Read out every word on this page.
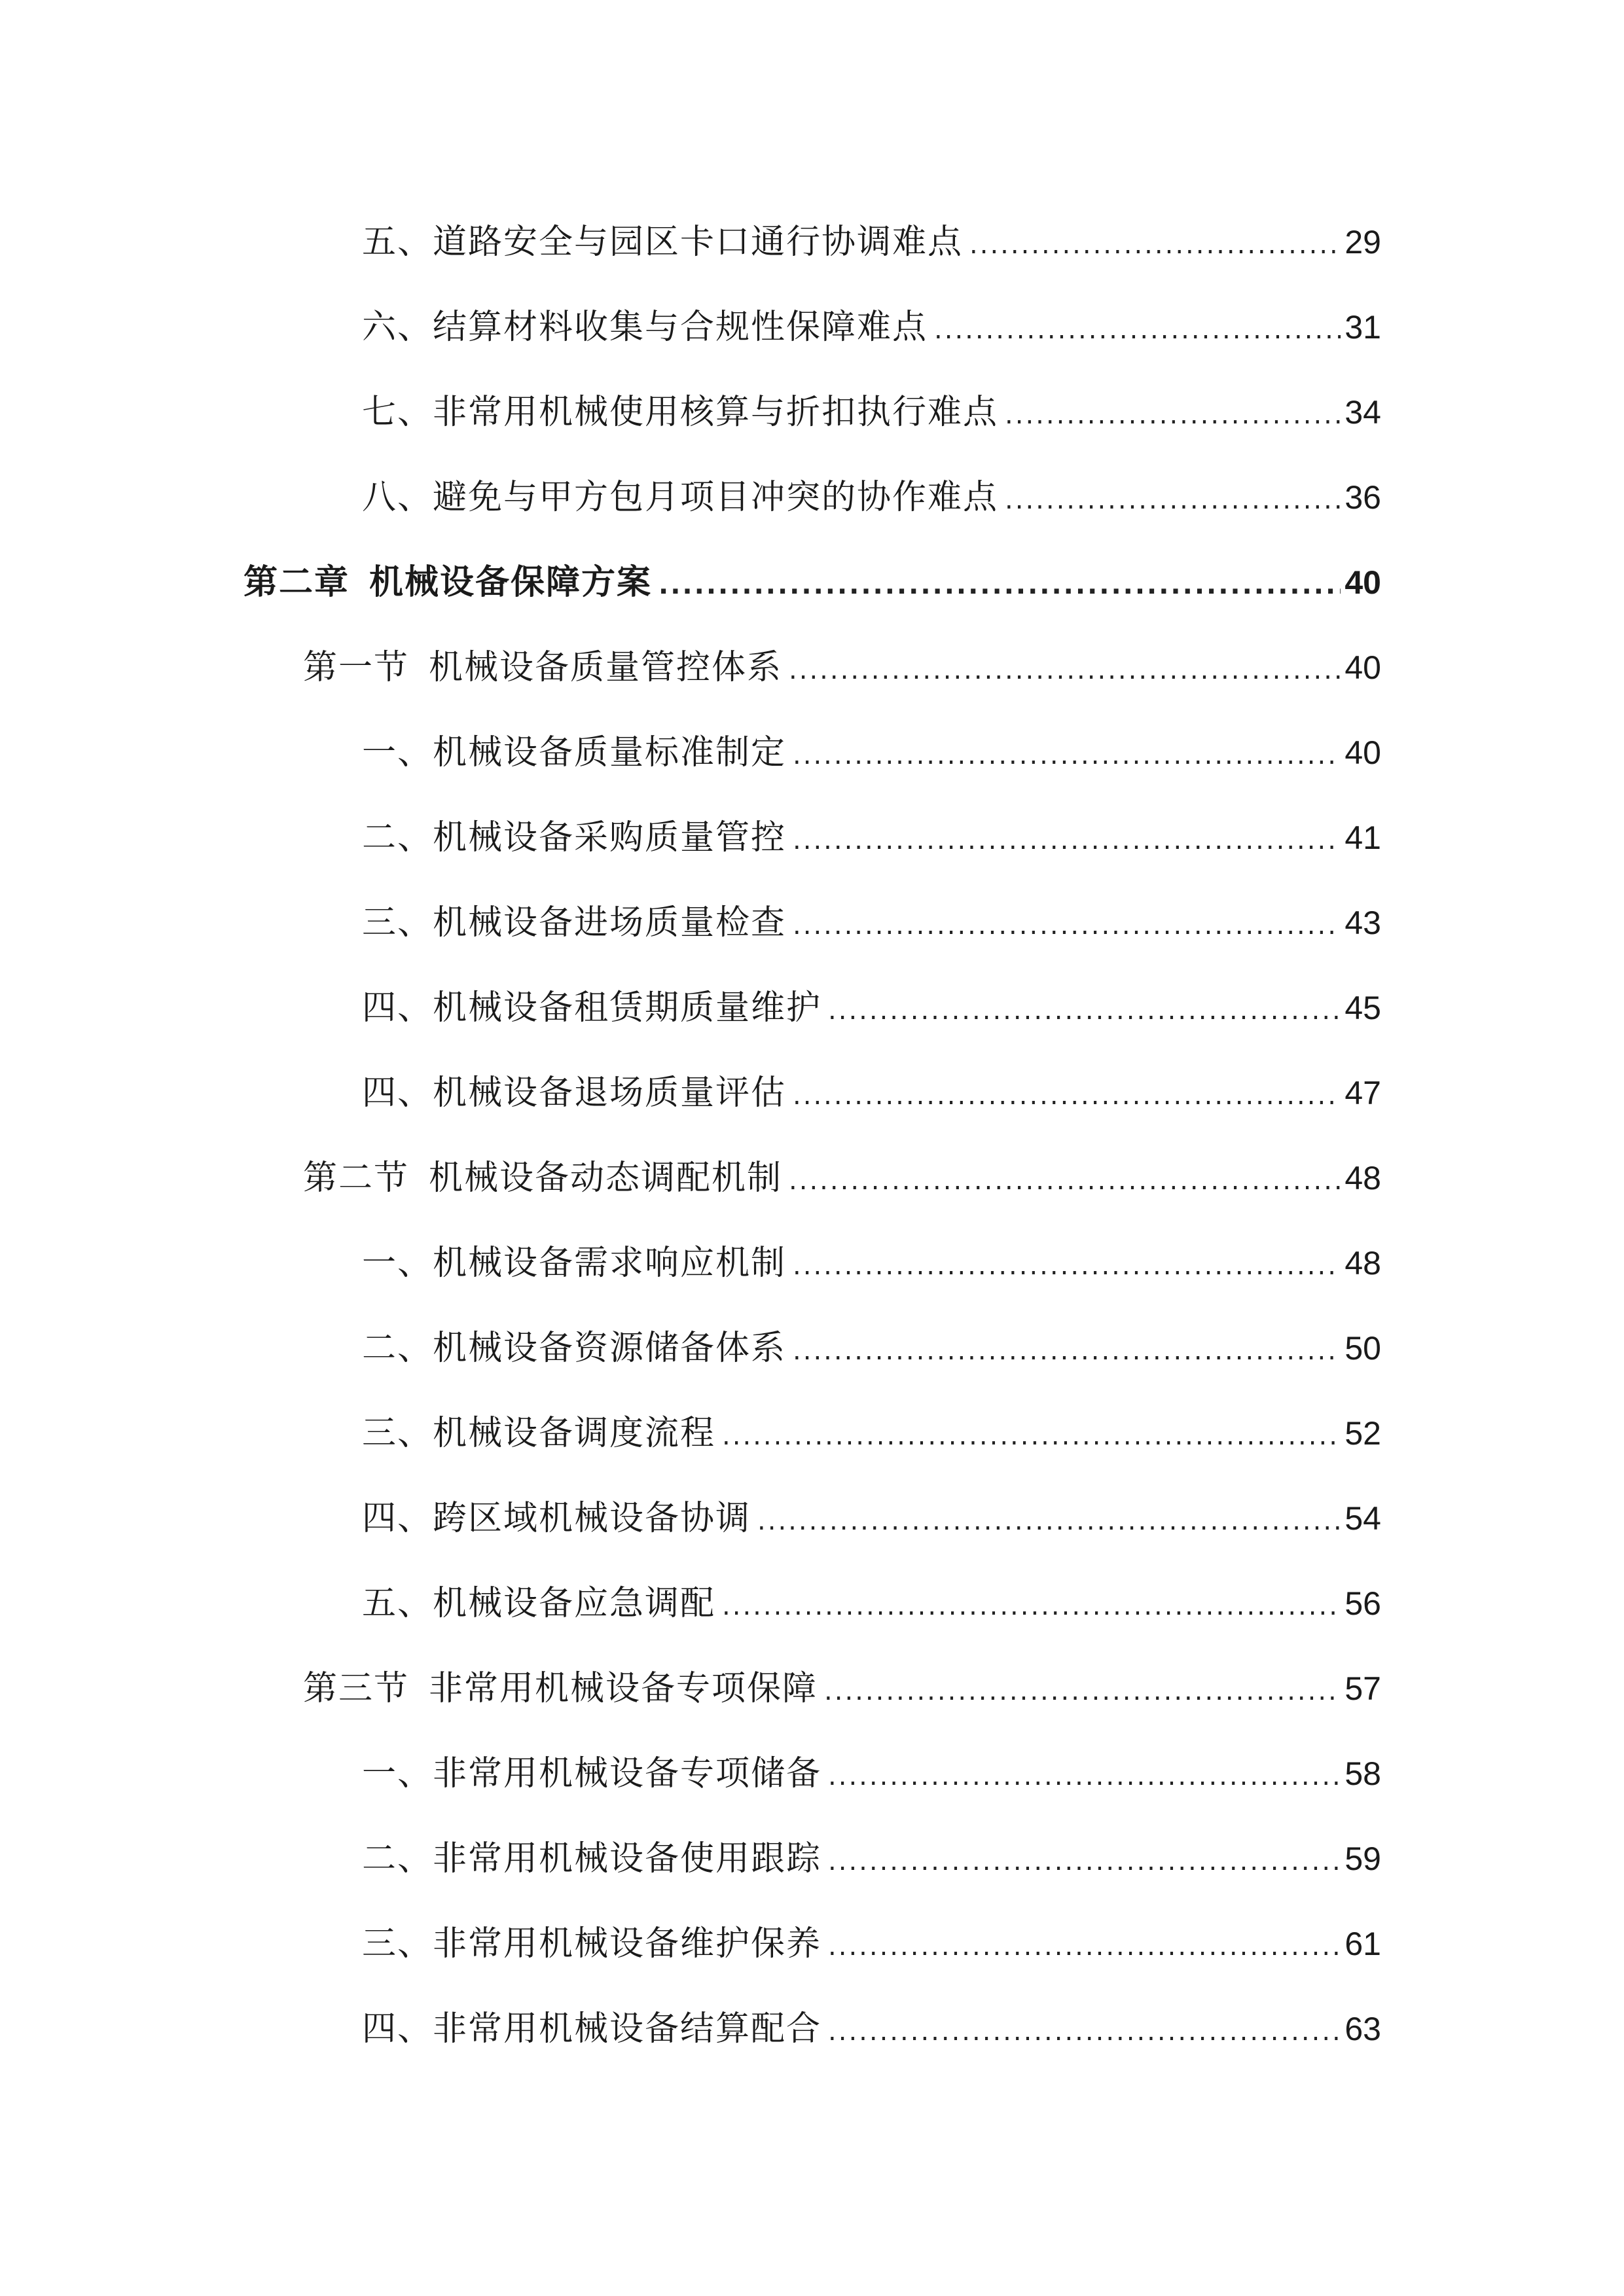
五、道路安全与园区卡口通行协调难点 .....	29
六、结算材料收集与合规性保障难点 .....	31
七、非常用机械使用核算与折扣执行难点 .....	34
八、避免与甲方包月项目冲突的协作难点 .....	36
第二章 机械设备保障方案 .....	40
第一节 机械设备质量管控体系 .....	40
一、机械设备质量标准制定 .....	40
二、机械设备采购质量管控 .....	41
三、机械设备进场质量检查 .....	43
四、机械设备租赁期质量维护 .....	45
四、机械设备退场质量评估 .....	47
第二节 机械设备动态调配机制 .....	48
一、机械设备需求响应机制 .....	48
二、机械设备资源储备体系 .....	50
三、机械设备调度流程 .....	52
四、跨区域机械设备协调 .....	54
五、机械设备应急调配 .....	56
第三节 非常用机械设备专项保障 .....	57
一、非常用机械设备专项储备 .....	58
二、非常用机械设备使用跟踪 .....	59
三、非常用机械设备维护保养 .....	61
四、非常用机械设备结算配合 .....	63
